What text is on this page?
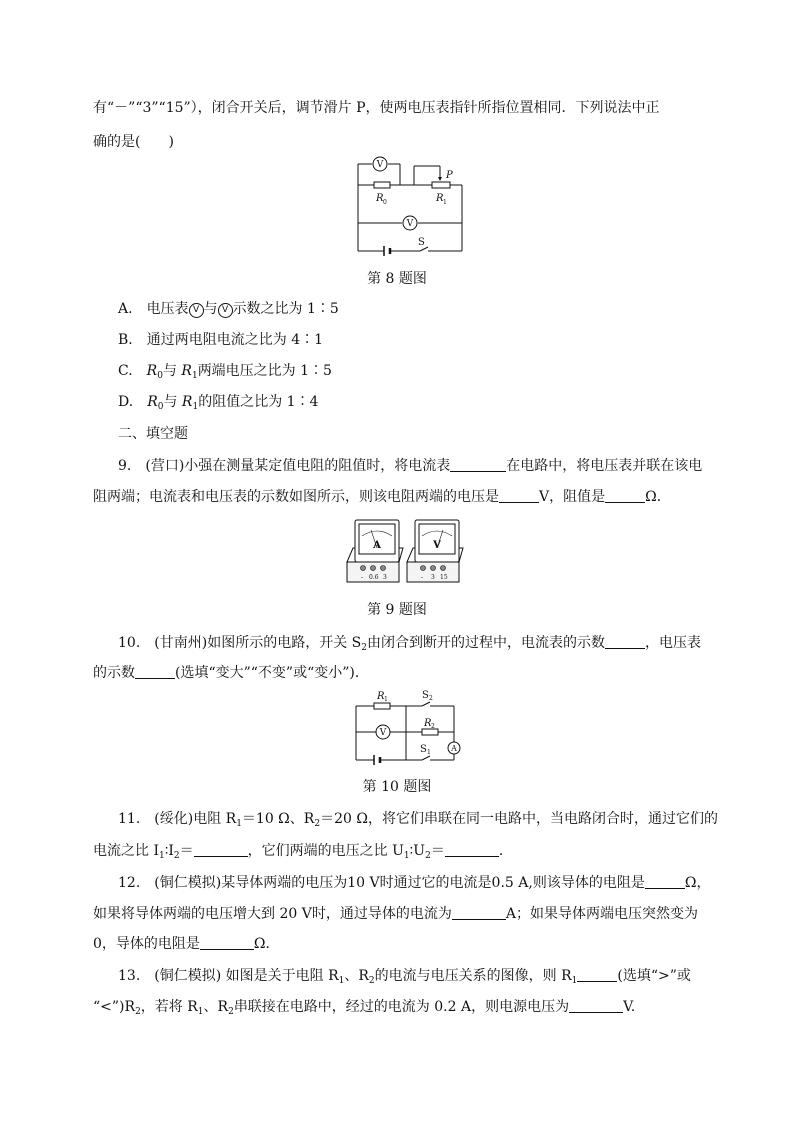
有“－”“3”“15”），闭合开关后，调节滑片 P，使两电压表指针所指位置相同．下列说法中正
确的是(　　)
V
V
R 0	R 1
P
S
第 8 题图
A.　 电压表 V 与 V 示数之比为 1∶5
B.　通过两电阻电流之比为 4∶1
C.　 $R_0$与 $R_1$两端电压之比为 1∶5
D.　 $R_0$与 $R_1$的阻值之比为 1∶4
二、填空题
9.　(营口)小强在测量某定值电阻的阻值时，将电流表	在电路中，将电压表并联在该电
阻两端；电流表和电压表的示数如图所示，则该电阻两端的电压是	V，阻值是	Ω．
A	V
- 0.6 3	- 3 15
第 9 题图
10.　(甘南州)如图所示的电路，开关 $S_2$由闭合到断开的过程中，电流表的示数	，电压表
的示数	(选填“变大”“不变”或“变小”)．
V
A
R 1
R 2
S 2
S 1
第 10 题图
11.　(绥化)电阻 $R_1=10$ Ω、$R_2=20$ Ω，将它们串联在同一电路中，当电路闭合时，通过它们的
电流之比 $I_1∶I_2=$	，它们两端的电压之比 $U_1∶U_2=$	．
12.　(铜仁模拟)某导体两端的电压为10 V时通过它的电流是0.5 A,则该导体的电阻是	Ω，
如果将导体两端的电压增大到 20 V时，通过导体的电流为	A；如果导体两端电压突然变为
0，导体的电阻是	Ω．
13.　(铜仁模拟) 如图是关于电阻 $R_1$、$R_2$的电流与电压关系的图像，则 $R_1$	(选填“>”或
“$<”)R_2$，若将 $R_1$、$R_2$串联接在电路中，经过的电流为 0.2 A，则电源电压为	V.
